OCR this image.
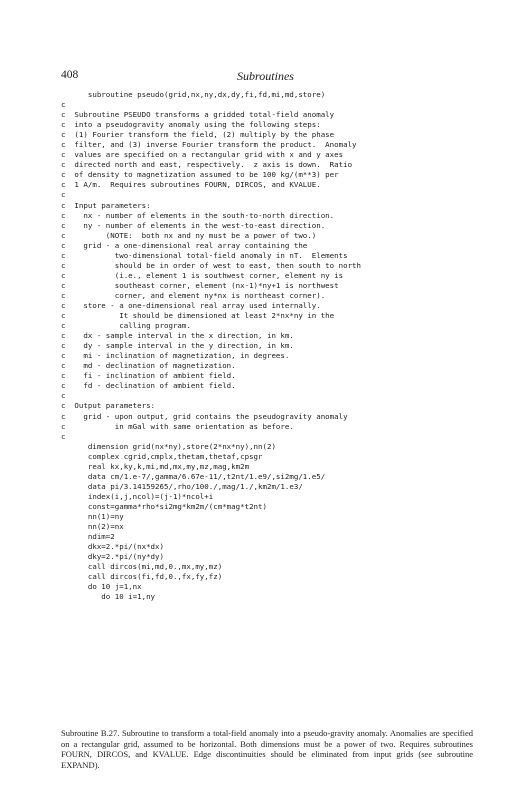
408	Subroutines
subroutine pseudo(grid,nx,ny,dx,dy,fi,fd,mi,md,store)
c
c  Subroutine PSEUDO transforms a gridded total-field anomaly
c  into a pseudogravity anomaly using the following steps:
c  (1) Fourier transform the field, (2) multiply by the phase
c  filter, and (3) inverse Fourier transform the product.  Anomaly
c  values are specified on a rectangular grid with x and y axes
c  directed north and east, respectively.  z axis is down.  Ratio
c  of density to magnetization assumed to be 100 kg/(m**3) per
c  1 A/m.  Requires subroutines FOURN, DIRCOS, and KVALUE.
c
c  Input parameters:
c    nx - number of elements in the south-to-north direction.
c    ny - number of elements in the west-to-east direction.
c         (NOTE:  both nx and ny must be a power of two.)
c    grid - a one-dimensional real array containing the
c           two-dimensional total-field anomaly in nT.  Elements
c           should be in order of west to east, then south to north
c           (i.e., element 1 is southwest corner, element ny is
c           southeast corner, element (nx-1)*ny+1 is northwest
c           corner, and element ny*nx is northeast corner).
c    store - a one-dimensional real array used internally.
c            It should be dimensioned at least 2*nx*ny in the
c            calling program.
c    dx - sample interval in the x direction, in km.
c    dy - sample interval in the y direction, in km.
c    mi - inclination of magnetization, in degrees.
c    md - declination of magnetization.
c    fi - inclination of ambient field.
c    fd - declination of ambient field.
c
c  Output parameters:
c    grid - upon output, grid contains the pseudogravity anomaly
c           in mGal with same orientation as before.
c
dimension grid(nx*ny),store(2*nx*ny),nn(2)
complex cgrid,cmplx,thetam,thetaf,cpsgr
real kx,ky,k,mi,md,mx,my,mz,mag,km2m
data cm/1.e-7/,gamma/6.67e-11/,t2nt/1.e9/,si2mg/1.e5/
data pi/3.14159265/,rho/100./,mag/1./,km2m/1.e3/
index(i,j,ncol)=(j-1)*ncol+i
const=gamma*rho*si2mg*km2m/(cm*mag*t2nt)
nn(1)=ny
nn(2)=nx
ndim=2
dkx=2.*pi/(nx*dx)
dky=2.*pi/(ny*dy)
call dircos(mi,md,0.,mx,my,mz)
call dircos(fi,fd,0.,fx,fy,fz)
do 10 j=1,nx
do 10 i=1,ny

Subroutine B.27. Subroutine to transform a total-field anomaly into a pseudo-gravity anomaly. Anomalies are specified on a rectangular grid, assumed to be horizontal. Both dimensions must be a power of two. Requires subroutines FOURN, DIRCOS, and KVALUE. Edge discontinuities should be eliminated from input grids (see subroutine EXPAND).
